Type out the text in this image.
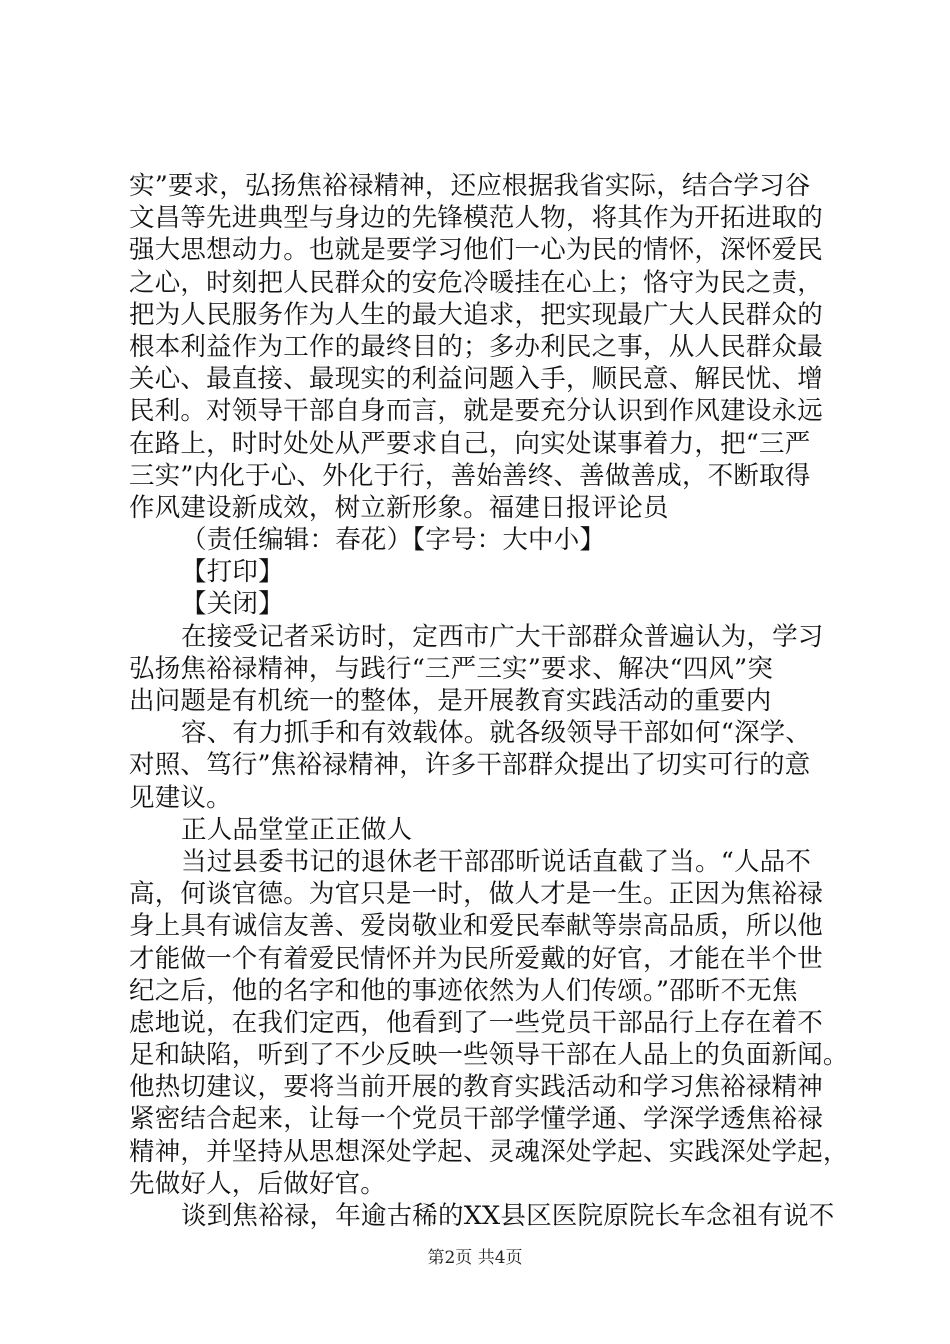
实”要求，弘扬焦裕禄精神，还应根据我省实际，结合学习谷
文昌等先进典型与身边的先锋模范人物，将其作为开拓进取的
强大思想动力。也就是要学习他们一心为民的情怀，深怀爱民
之心，时刻把人民群众的安危冷暖挂在心上；恪守为民之责，
把为人民服务作为人生的最大追求，把实现最广大人民群众的
根本利益作为工作的最终目的；多办利民之事，从人民群众最
关心、最直接、最现实的利益问题入手，顺民意、解民忧、增
民利。对领导干部自身而言，就是要充分认识到作风建设永远
在路上，时时处处从严要求自己，向实处谋事着力，把“三严
三实”内化于心、外化于行，善始善终、善做善成，不断取得
作风建设新成效，树立新形象。福建日报评论员
（责任编辑：春花）【字号：大中小】
【打印】
【关闭】
在接受记者采访时，定西市广大干部群众普遍认为，学习
弘扬焦裕禄精神，与践行“三严三实”要求、解决“四风”突
出问题是有机统一的整体，是开展教育实践活动的重要内
容、有力抓手和有效载体。就各级领导干部如何“深学、
对照、笃行”焦裕禄精神，许多干部群众提出了切实可行的意
见建议。
正人品堂堂正正做人
当过县委书记的退休老干部邵昕说话直截了当。“人品不
高，何谈官德。为官只是一时，做人才是一生。正因为焦裕禄
身上具有诚信友善、爱岗敬业和爱民奉献等崇高品质，所以他
才能做一个有着爱民情怀并为民所爱戴的好官，才能在半个世
纪之后，他的名字和他的事迹依然为人们传颂。”邵昕不无焦
虑地说，在我们定西，他看到了一些党员干部品行上存在着不
足和缺陷，听到了不少反映一些领导干部在人品上的负面新闻。
他热切建议，要将当前开展的教育实践活动和学习焦裕禄精神
紧密结合起来，让每一个党员干部学懂学通、学深学透焦裕禄
精神，并坚持从思想深处学起、灵魂深处学起、实践深处学起，
先做好人，后做好官。
谈到焦裕禄，年逾古稀的XX县区医院原院长车念祖有说不
第2页 共4页
